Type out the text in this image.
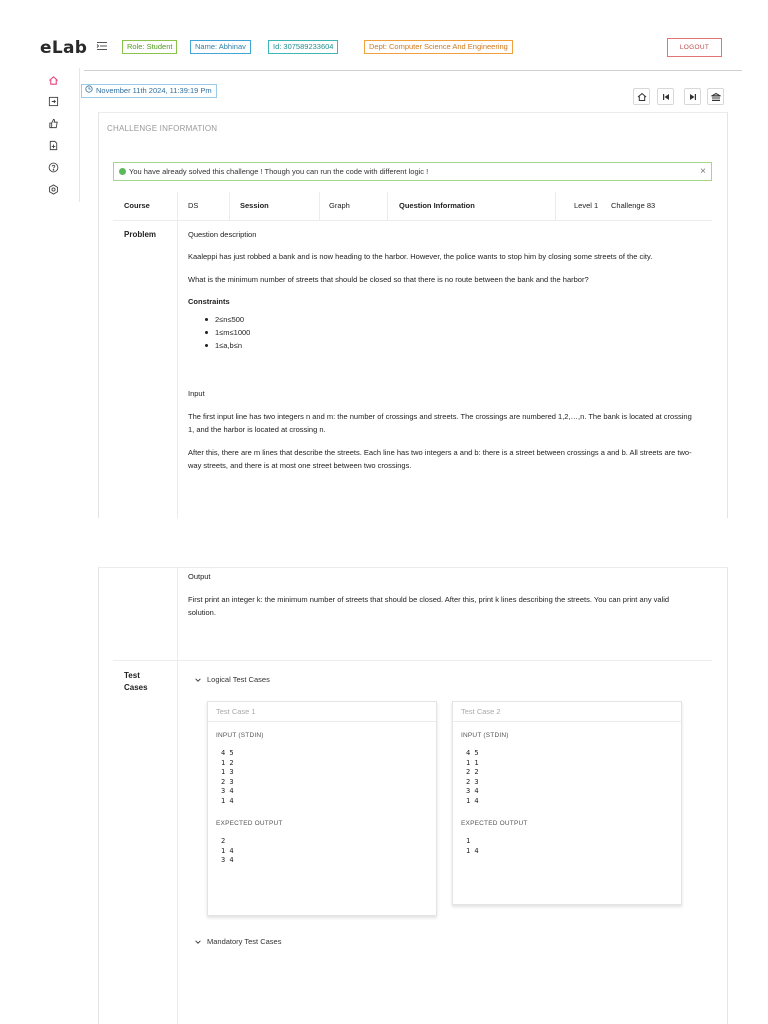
eLab	Role: Student	Name: Abhinav	Id: 307589233604	Dept: Computer Science And Engineering	LOGOUT
November 11th 2024, 11:39:19 Pm
CHALLENGE INFORMATION
You have already solved this challenge ! Though you can run the code with different logic !	×
Course	DS	Session	Graph	Question Information	Level 1 Challenge 83
Problem	Question description

Kaaleppi has just robbed a bank and is now heading to the harbor. However, the police wants to stop him by closing some streets of the city.

What is the minimum number of streets that should be closed so that there is no route between the bank and the harbor?

Constraints

2≤n≤500
1≤m≤1000
1≤a,b≤n

Input

The first input line has two integers n and m: the number of crossings and streets. The crossings are numbered 1,2,…,n. The bank is located at crossing 1, and the harbor is located at crossing n.

After this, there are m lines that describe the streets. Each line has two integers a and b: there is a street between crossings a and b. All streets are two-way streets, and there is at most one street between two crossings.

Output

First print an integer k: the minimum number of streets that should be closed. After this, print k lines describing the streets. You can print any valid solution.

Test
Cases
Logical Test Cases
Test Case 1
INPUT (STDIN)
4 5
1 2
1 3
2 3
3 4
1 4
EXPECTED OUTPUT
2
1 4
3 4
Test Case 2
INPUT (STDIN)
4 5
1 1
2 2
2 3
3 4
1 4
EXPECTED OUTPUT
1
1 4
Mandatory Test Cases
